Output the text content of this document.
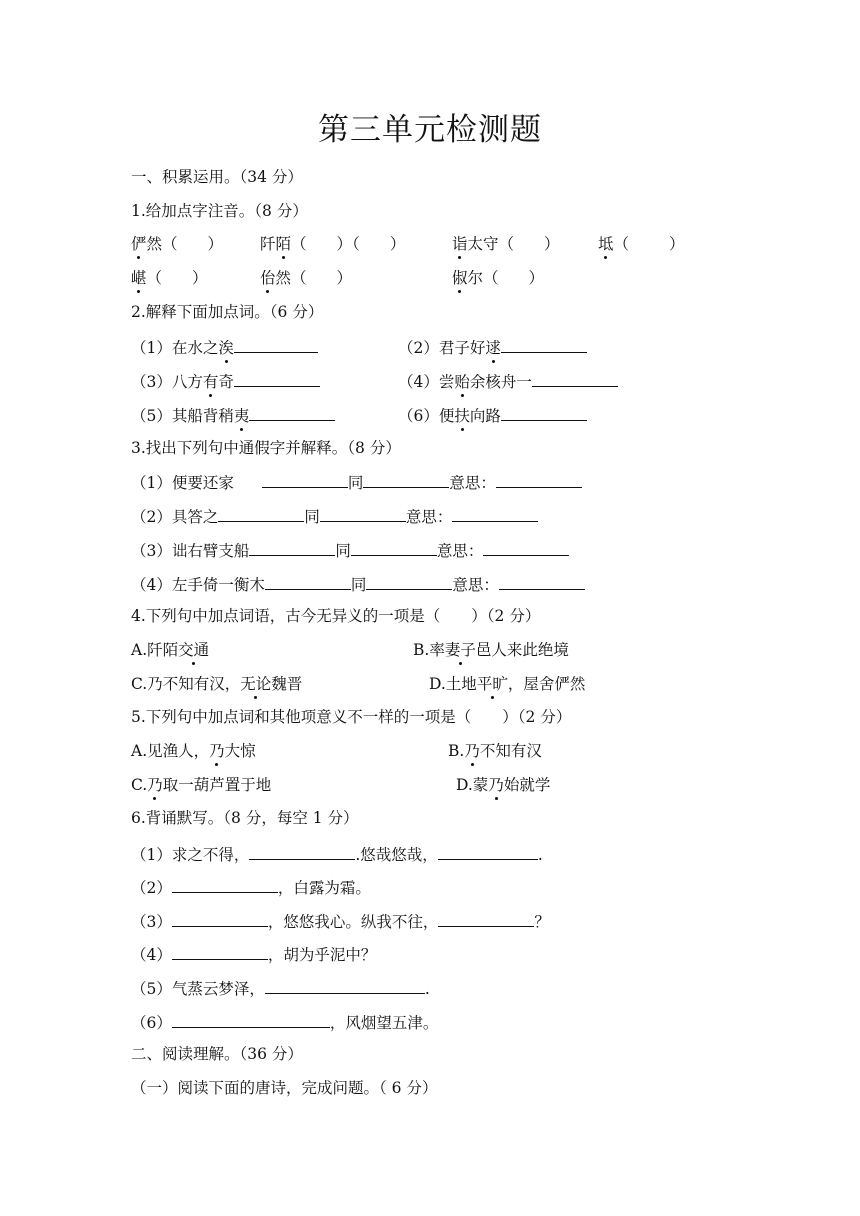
第三单元检测题
一、积累运用。（34 分）
1.给加点字注音。（8 分）
俨然（ ） 阡陌（ ）（ ）	诣太守（ ） 坻（	）
嵁（ ）	佁然（ ）	俶尔（ ）
2.解释下面加点词。（6 分）
（1）在水之涘	（2）君子好逑
（3）八方有奇	（4）尝贻余核舟一
（5）其船背稍夷	（6）便扶向路
3.找出下列句中通假字并解释。（8 分）
（1）便要还家	同	意思：
（2）具答之	同	意思：
（3）诎右臂支船	同	意思：
（4）左手倚一衡木	同	意思：
4.下列句中加点词语，古今无异义的一项是（　　）（2 分）
A.阡陌交通	B.率妻子邑人来此绝境
C.乃不知有汉，无论魏晋	D.土地平旷，屋舍俨然
5.下列句中加点词和其他项意义不一样的一项是（　　）（2 分）
A.见渔人，乃大惊	B.乃不知有汉
C.乃取一葫芦置于地	D.蒙乃始就学
6.背诵默写。（8 分，每空 1 分）
（1）求之不得，	.悠哉悠哉，	.
（2）	，白露为霜。
（3）	，悠悠我心。纵我不往，	？
（4）	，胡为乎泥中？
（5）气蒸云梦泽，	.
（6）	，风烟望五津。
二、阅读理解。（36 分）
（一）阅读下面的唐诗，完成问题。（ 6 分）
